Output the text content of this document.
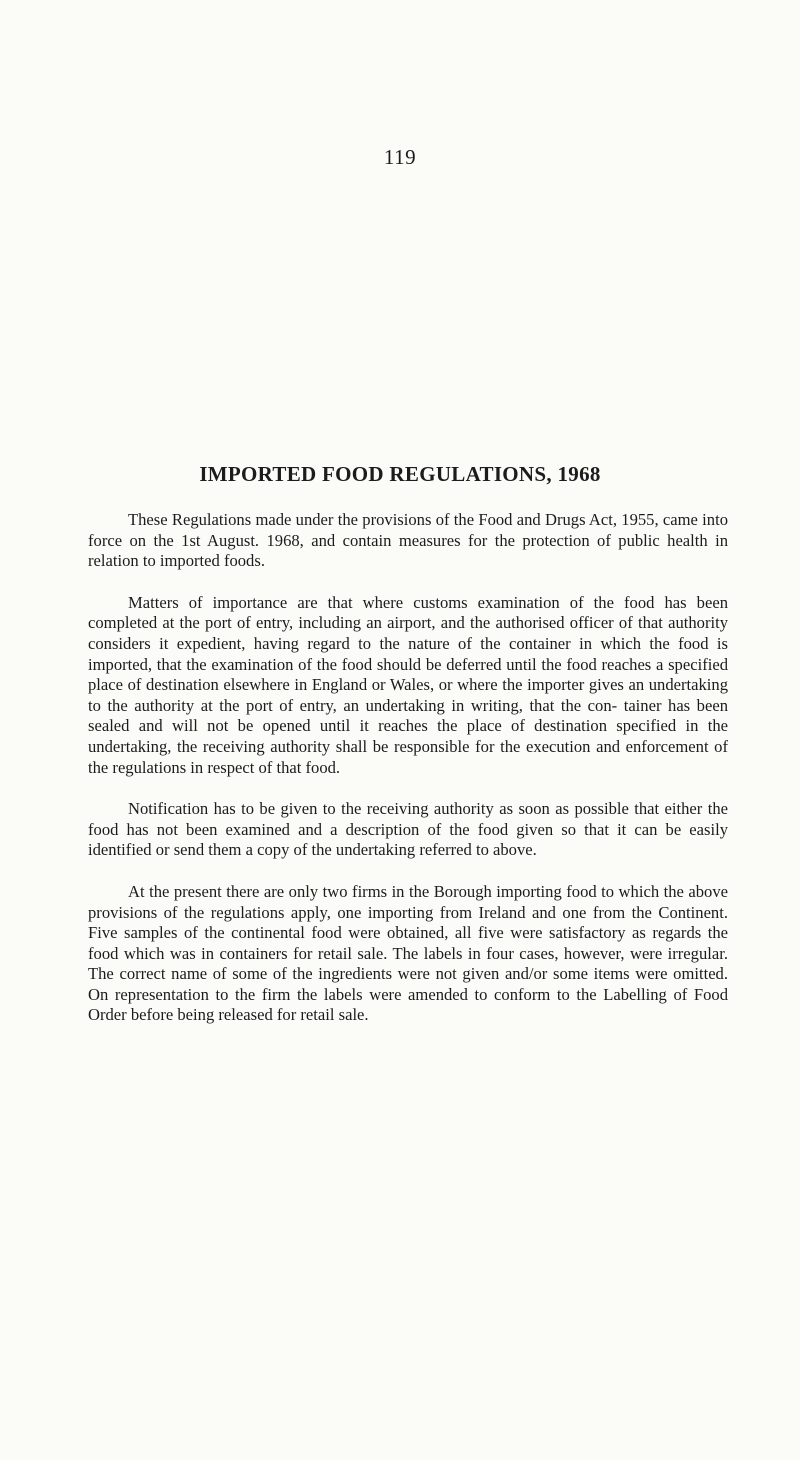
119
IMPORTED FOOD REGULATIONS, 1968

These Regulations made under the provisions of the Food and Drugs Act, 1955, came into force on the 1st August. 1968, and contain measures for the protection of public health in relation to imported foods.

Matters of importance are that where customs examination of the food has been completed at the port of entry, including an airport, and the authorised officer of that authority considers it expedient, having regard to the nature of the container in which the food is imported, that the examination of the food should be deferred until the food reaches a specified place of destination elsewhere in England or Wales, or where the importer gives an undertaking to the authority at the port of entry, an undertaking in writing, that the con- tainer has been sealed and will not be opened until it reaches the place of destination specified in the undertaking, the receiving authority shall be responsible for the execution and enforcement of the regulations in respect of that food.

Notification has to be given to the receiving authority as soon as possible that either the food has not been examined and a description of the food given so that it can be easily identified or send them a copy of the undertaking referred to above.

At the present there are only two firms in the Borough importing food to which the above provisions of the regulations apply, one importing from Ireland and one from the Continent. Five samples of the continental food were obtained, all five were satisfactory as regards the food which was in containers for retail sale. The labels in four cases, however, were irregular. The correct name of some of the ingredients were not given and/or some items were omitted. On representation to the firm the labels were amended to conform to the Labelling of Food Order before being released for retail sale.
